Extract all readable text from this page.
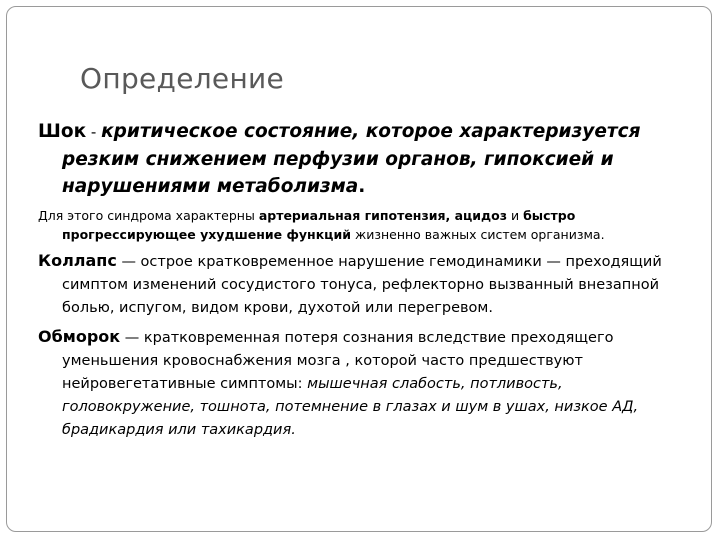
Определение

Шок - критическое состояние, которое характеризуется резким снижением перфузии органов, гипоксией и нарушениями метаболизма.

Для этого синдрома характерны артериальная гипотензия, ацидоз и быстро прогрессирующее ухудшение функций жизненно важных систем организма.

Коллапс — острое кратковременное нарушение гемодинамики — преходящий симптом изменений сосудистого тонуса, рефлекторно вызванный внезапной болью, испугом, видом крови, духотой или перегревом.

Обморок — кратковременная потеря сознания вследствие преходящего уменьшения кровоснабжения мозга , которой часто предшествуют нейровегетативные симптомы: мышечная слабость, потливость, головокружение, тошнота, потемнение в глазах и шум в ушах, низкое АД, брадикардия или тахикардия.
